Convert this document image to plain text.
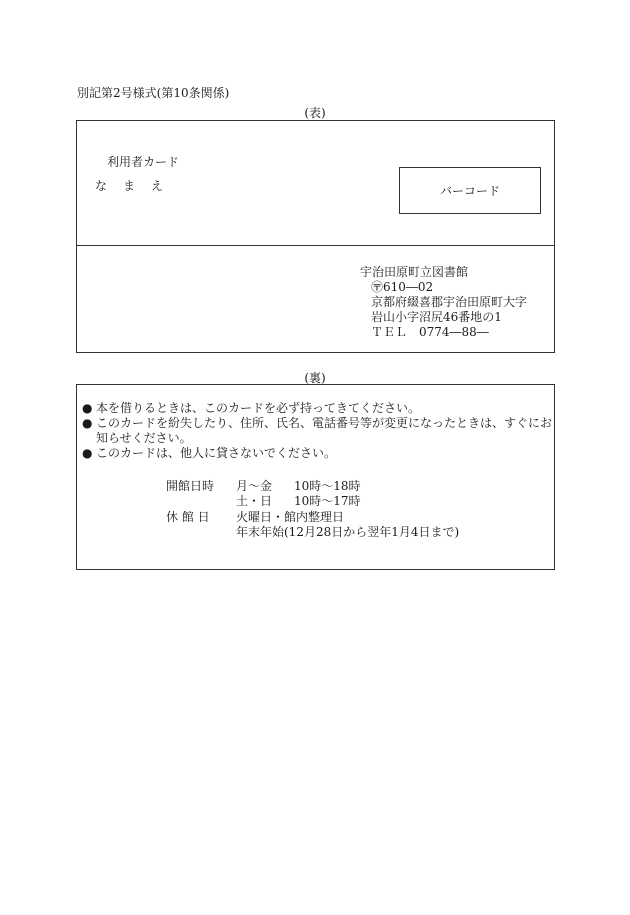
別記第2号様式(第10条関係)
(表)
利用者カード
な　ま　え	バーコード
宇治田原町立図書館
〶610―02
京都府綴喜郡宇治田原町大字
岩山小字沼尻46番地の1
ＴＥＬ　0774―88―
(裏)
● 本を借りるときは、このカードを必ず持ってきてください。
● このカードを紛失したり、住所、氏名、電話番号等が変更になったときは、すぐにお知らせください。
● このカードは、他人に貸さないでください。
開館日時 月～金 10時～18時
土・日 10時～17時
休 館 日 火曜日・館内整理日
年末年始(12月28日から翌年1月4日まで)
